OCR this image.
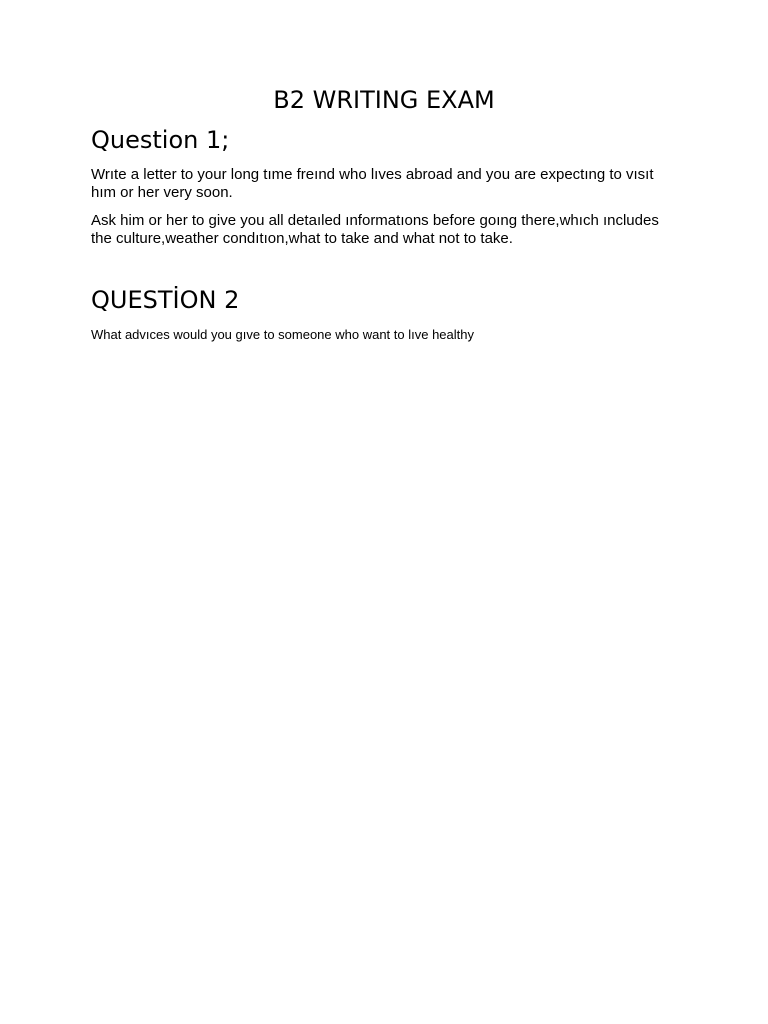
B2 WRITING EXAM
Question 1;

Wrıte a letter to your long tıme freınd who lıves abroad and you are expectıng to vısıt hım or her very soon.

Ask him or her to give you all detaıled ınformatıons before goıng there,whıch ıncludes the culture,weather condıtıon,what to take and what not to take.

QUESTİON 2

What advıces would you gıve to someone who want to lıve healthy
